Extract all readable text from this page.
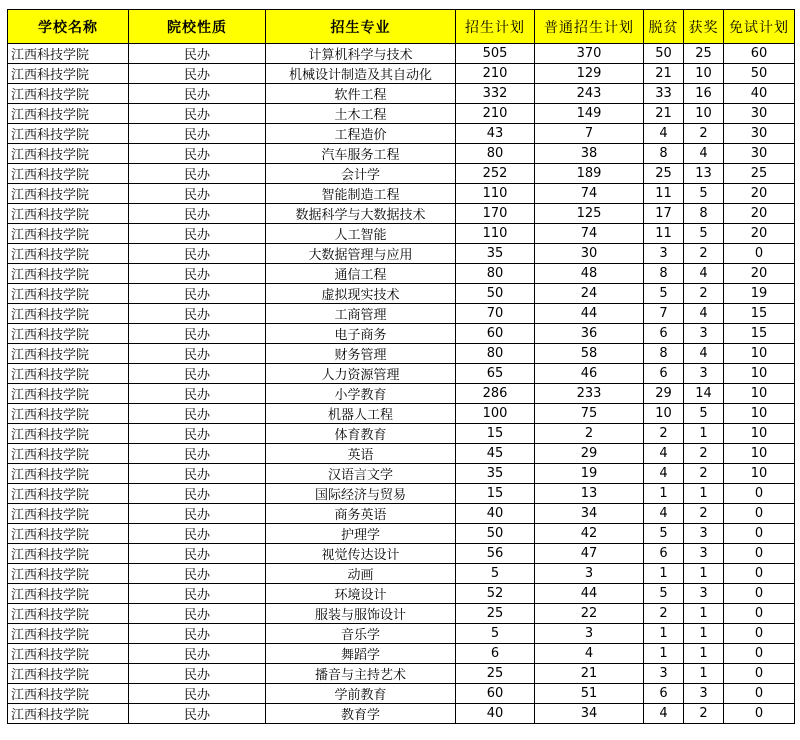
学校名称	院校性质	招生专业	招生计划	普通招生计划	脱贫	获奖	免试计划
江西科技学院	民办	计算机科学与技术	505	370	50	25	60
江西科技学院	民办	机械设计制造及其自动化	210	129	21	10	50
江西科技学院	民办	软件工程	332	243	33	16	40
江西科技学院	民办	土木工程	210	149	21	10	30
江西科技学院	民办	工程造价	43	7	4	2	30
江西科技学院	民办	汽车服务工程	80	38	8	4	30
江西科技学院	民办	会计学	252	189	25	13	25
江西科技学院	民办	智能制造工程	110	74	11	5	20
江西科技学院	民办	数据科学与大数据技术	170	125	17	8	20
江西科技学院	民办	人工智能	110	74	11	5	20
江西科技学院	民办	大数据管理与应用	35	30	3	2	0
江西科技学院	民办	通信工程	80	48	8	4	20
江西科技学院	民办	虚拟现实技术	50	24	5	2	19
江西科技学院	民办	工商管理	70	44	7	4	15
江西科技学院	民办	电子商务	60	36	6	3	15
江西科技学院	民办	财务管理	80	58	8	4	10
江西科技学院	民办	人力资源管理	65	46	6	3	10
江西科技学院	民办	小学教育	286	233	29	14	10
江西科技学院	民办	机器人工程	100	75	10	5	10
江西科技学院	民办	体育教育	15	2	2	1	10
江西科技学院	民办	英语	45	29	4	2	10
江西科技学院	民办	汉语言文学	35	19	4	2	10
江西科技学院	民办	国际经济与贸易	15	13	1	1	0
江西科技学院	民办	商务英语	40	34	4	2	0
江西科技学院	民办	护理学	50	42	5	3	0
江西科技学院	民办	视觉传达设计	56	47	6	3	0
江西科技学院	民办	动画	5	3	1	1	0
江西科技学院	民办	环境设计	52	44	5	3	0
江西科技学院	民办	服装与服饰设计	25	22	2	1	0
江西科技学院	民办	音乐学	5	3	1	1	0
江西科技学院	民办	舞蹈学	6	4	1	1	0
江西科技学院	民办	播音与主持艺术	25	21	3	1	0
江西科技学院	民办	学前教育	60	51	6	3	0
江西科技学院	民办	教育学	40	34	4	2	0
